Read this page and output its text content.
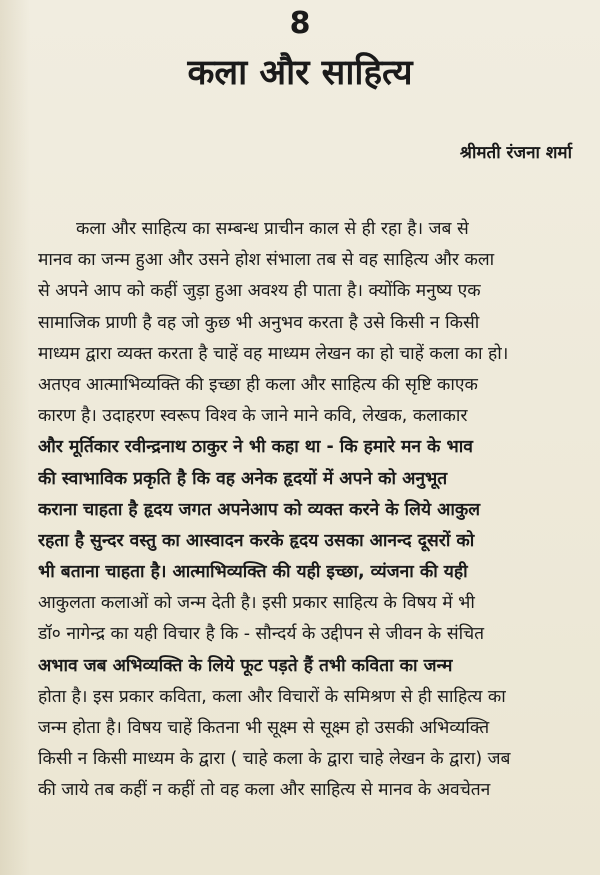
8
कला और साहित्य
श्रीमती रंजना शर्मा
कला और साहित्य का सम्बन्ध प्राचीन काल से ही रहा है। जब से
मानव का जन्म हुआ और उसने होश संभाला तब से वह साहित्य और कला
से अपने आप को कहीं जुड़ा हुआ अवश्य ही पाता है। क्योंकि मनुष्य एक
सामाजिक प्राणी है वह जो कुछ भी अनुभव करता है उसे किसी न किसी
माध्यम द्वारा व्यक्त करता है चाहें वह माध्यम लेखन का हो चाहें कला का हो।
अतएव आत्माभिव्यक्ति की इच्छा ही कला और साहित्य की सृष्टि काएक
कारण है। उदाहरण स्वरूप विश्व के जाने माने कवि, लेखक, कलाकार
और मूर्तिकार रवीन्द्रनाथ ठाकुर ने भी कहा था - कि हमारे मन के भाव
की स्वाभाविक प्रकृति है कि वह अनेक हृदयों में अपने को अनुभूत
कराना चाहता है हृदय जगत अपनेआप को व्यक्त करने के लिये आकुल
रहता है सुन्दर वस्तु का आस्वादन करके हृदय उसका आनन्द दूसरों को
भी बताना चाहता है। आत्माभिव्यक्ति की यही इच्छा, व्यंजना की यही
आकुलता कलाओं को जन्म देती है। इसी प्रकार साहित्य के विषय में भी
डॉ० नागेन्द्र का यही विचार है कि - सौन्दर्य के उद्दीपन से जीवन के संचित
अभाव जब अभिव्यक्ति के लिये फूट पड़ते हैं तभी कविता का जन्म
होता है। इस प्रकार कविता, कला और विचारों के समिश्रण से ही साहित्य का
जन्म होता है। विषय चाहें कितना भी सूक्ष्म से सूक्ष्म हो उसकी अभिव्यक्ति
किसी न किसी माध्यम के द्वारा ( चाहे कला के द्वारा चाहे लेखन के द्वारा) जब
की जाये तब कहीं न कहीं तो वह कला और साहित्य से मानव के अवचेतन
